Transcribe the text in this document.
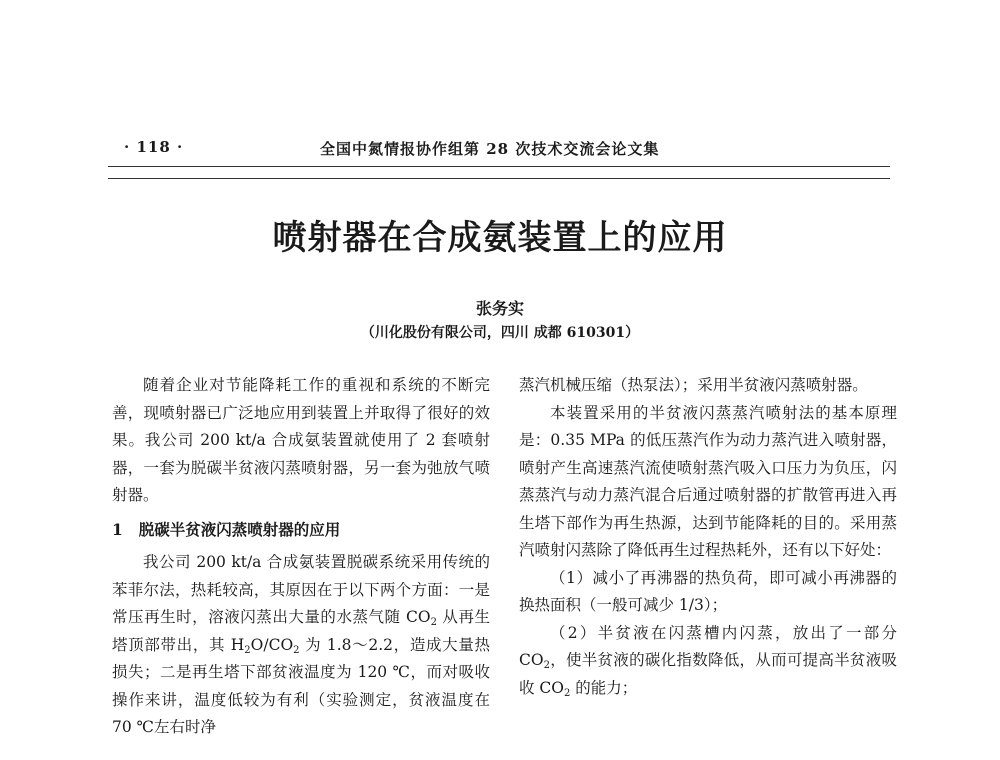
· 118 ·	全国中氮情报协作组第 28 次技术交流会论文集
喷射器在合成氨装置上的应用
张务实
（川化股份有限公司，四川 成都 610301）

随着企业对节能降耗工作的重视和系统的不断完善，现喷射器已广泛地应用到装置上并取得了很好的效果。我公司 200 kt/a 合成氨装置就使用了 2 套喷射器，一套为脱碳半贫液闪蒸喷射器，另一套为弛放气喷射器。

1 脱碳半贫液闪蒸喷射器的应用

我公司 200 kt/a 合成氨装置脱碳系统采用传统的苯菲尔法，热耗较高，其原因在于以下两个方面：一是常压再生时，溶液闪蒸出大量的水蒸气随 $CO_2$ 从再生塔顶部带出，其 $H_2O/CO_2$ 为 1.8～2.2，造成大量热损失；二是再生塔下部贫液温度为 120 ℃，而对吸收操作来讲，温度低较为有利（实验测定，贫液温度在 70 ℃左右时净

蒸汽机械压缩（热泵法）；采用半贫液闪蒸喷射器。

本装置采用的半贫液闪蒸蒸汽喷射法的基本原理是：0.35 MPa 的低压蒸汽作为动力蒸汽进入喷射器，喷射产生高速蒸汽流使喷射蒸汽吸入口压力为负压，闪蒸蒸汽与动力蒸汽混合后通过喷射器的扩散管再进入再生塔下部作为再生热源，达到节能降耗的目的。采用蒸汽喷射闪蒸除了降低再生过程热耗外，还有以下好处：

（1）减小了再沸器的热负荷，即可减小再沸器的换热面积（一般可减少 1/3）；

（2）半贫液在闪蒸槽内闪蒸，放出了一部分 $CO_2$，使半贫液的碳化指数降低，从而可提高半贫液吸收 $CO_2$ 的能力；
